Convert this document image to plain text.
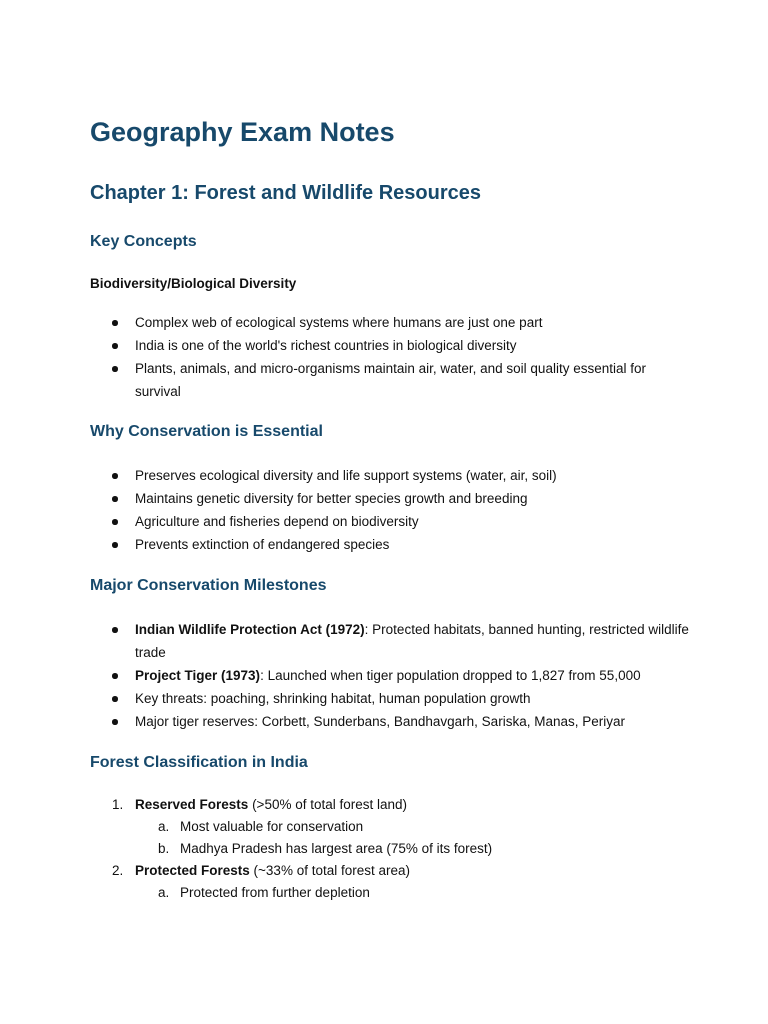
Geography Exam Notes
Chapter 1: Forest and Wildlife Resources
Key Concepts
Biodiversity/Biological Diversity
Complex web of ecological systems where humans are just one part
India is one of the world's richest countries in biological diversity
Plants, animals, and micro-organisms maintain air, water, and soil quality essential for survival
Why Conservation is Essential
Preserves ecological diversity and life support systems (water, air, soil)
Maintains genetic diversity for better species growth and breeding
Agriculture and fisheries depend on biodiversity
Prevents extinction of endangered species
Major Conservation Milestones
Indian Wildlife Protection Act (1972): Protected habitats, banned hunting, restricted wildlife trade
Project Tiger (1973): Launched when tiger population dropped to 1,827 from 55,000
Key threats: poaching, shrinking habitat, human population growth
Major tiger reserves: Corbett, Sunderbans, Bandhavgarh, Sariska, Manas, Periyar
Forest Classification in India
1. Reserved Forests (>50% of total forest land)
a. Most valuable for conservation
b. Madhya Pradesh has largest area (75% of its forest)
2. Protected Forests (~33% of total forest area)
a. Protected from further depletion
